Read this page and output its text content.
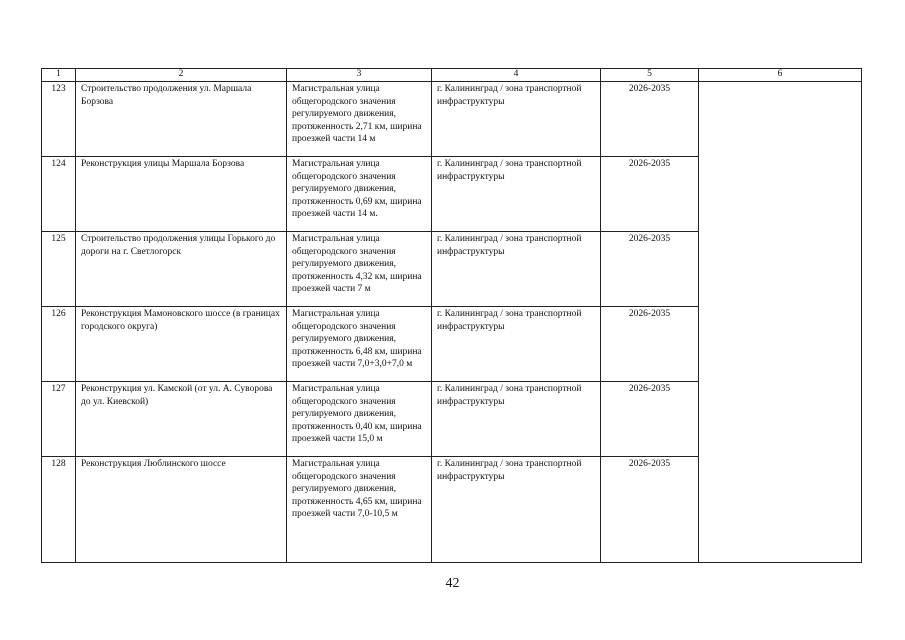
1	2	3	4	5	6
123	Строительство продолжения ул. Маршала Борзова	Магистральная улица общегородского значения регулируемого движения, протяженность 2,71 км, ширина проезжей части 14 м	г. Калининград / зона транспортной инфраструктуры	2026-2035	
124	Реконструкция улицы Маршала Борзова	Магистральная улица общегородского значения регулируемого движения, протяженность 0,69 км, ширина проезжей части 14 м.	г. Калининград / зона транспортной инфраструктуры	2026-2035	
125	Строительство продолжения улицы Горького до дороги на г. Светлогорск	Магистральная улица общегородского значения регулируемого движения, протяженность 4,32 км, ширина проезжей части 7 м	г. Калининград / зона транспортной инфраструктуры	2026-2035	
126	Реконструкция Мамоновского шоссе (в границах городского округа)	Магистральная улица общегородского значения регулируемого движения, протяженность 6,48 км, ширина проезжей части 7,0+3,0+7,0 м	г. Калининград / зона транспортной инфраструктуры	2026-2035	
127	Реконструкция ул. Камской (от ул. А. Суворова до ул. Киевской)	Магистральная улица общегородского значения регулируемого движения, протяженность 0,40 км, ширина проезжей части 15,0 м	г. Калининград / зона транспортной инфраструктуры	2026-2035	
128	Реконструкция Люблинского шоссе	Магистральная улица общегородского значения регулируемого движения, протяженность 4,65 км, ширина проезжей части 7,0-10,5 м	г. Калининград / зона транспортной инфраструктуры	2026-2035	
42
